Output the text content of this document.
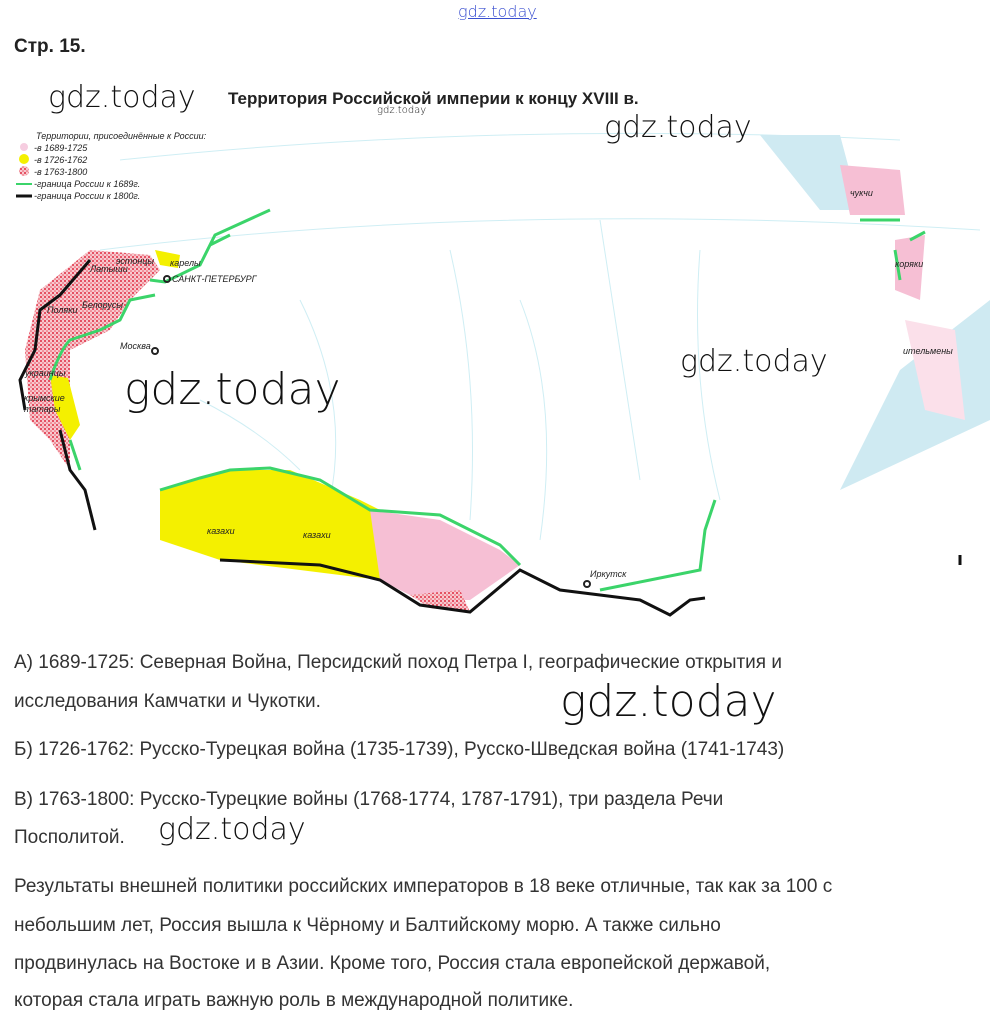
gdz.today
Стр. 15.
Территория Российской империи к концу XVIII в.
Территории, присоединённые к России:
-в 1689-1725
-в 1726-1762
-в 1763-1800
-граница России к 1689г.
-граница России к 1800г.
эстонцы
Латыши
карелы
САНКТ-ПЕТЕРБУРГ
Белорусы
Поляки
Москва
украинцы
крымские
татары
казахи	казахи
Иркутск
чукчи
коряки
ительмены
gdz.today	gdz.today	gdz.today
gdz.today
gdz.today
gdz.today
gdz.today
А) 1689-1725: Северная Война, Персидский поход Петра I, географические открытия и
исследования Камчатки и Чукотки.
Б) 1726-1762: Русско-Турецкая война (1735-1739), Русско-Шведская война (1741-1743)
В) 1763-1800: Русско-Турецкие войны (1768-1774, 1787-1791), три раздела Речи
Посполитой.
Результаты внешней политики российских императоров в 18 веке отличные, так как за 100 с
небольшим лет, Россия вышла к Чёрному и Балтийскому морю. А также сильно
продвинулась на Востоке и в Азии. Кроме того, Россия стала европейской державой,
которая стала играть важную роль в международной политике.
